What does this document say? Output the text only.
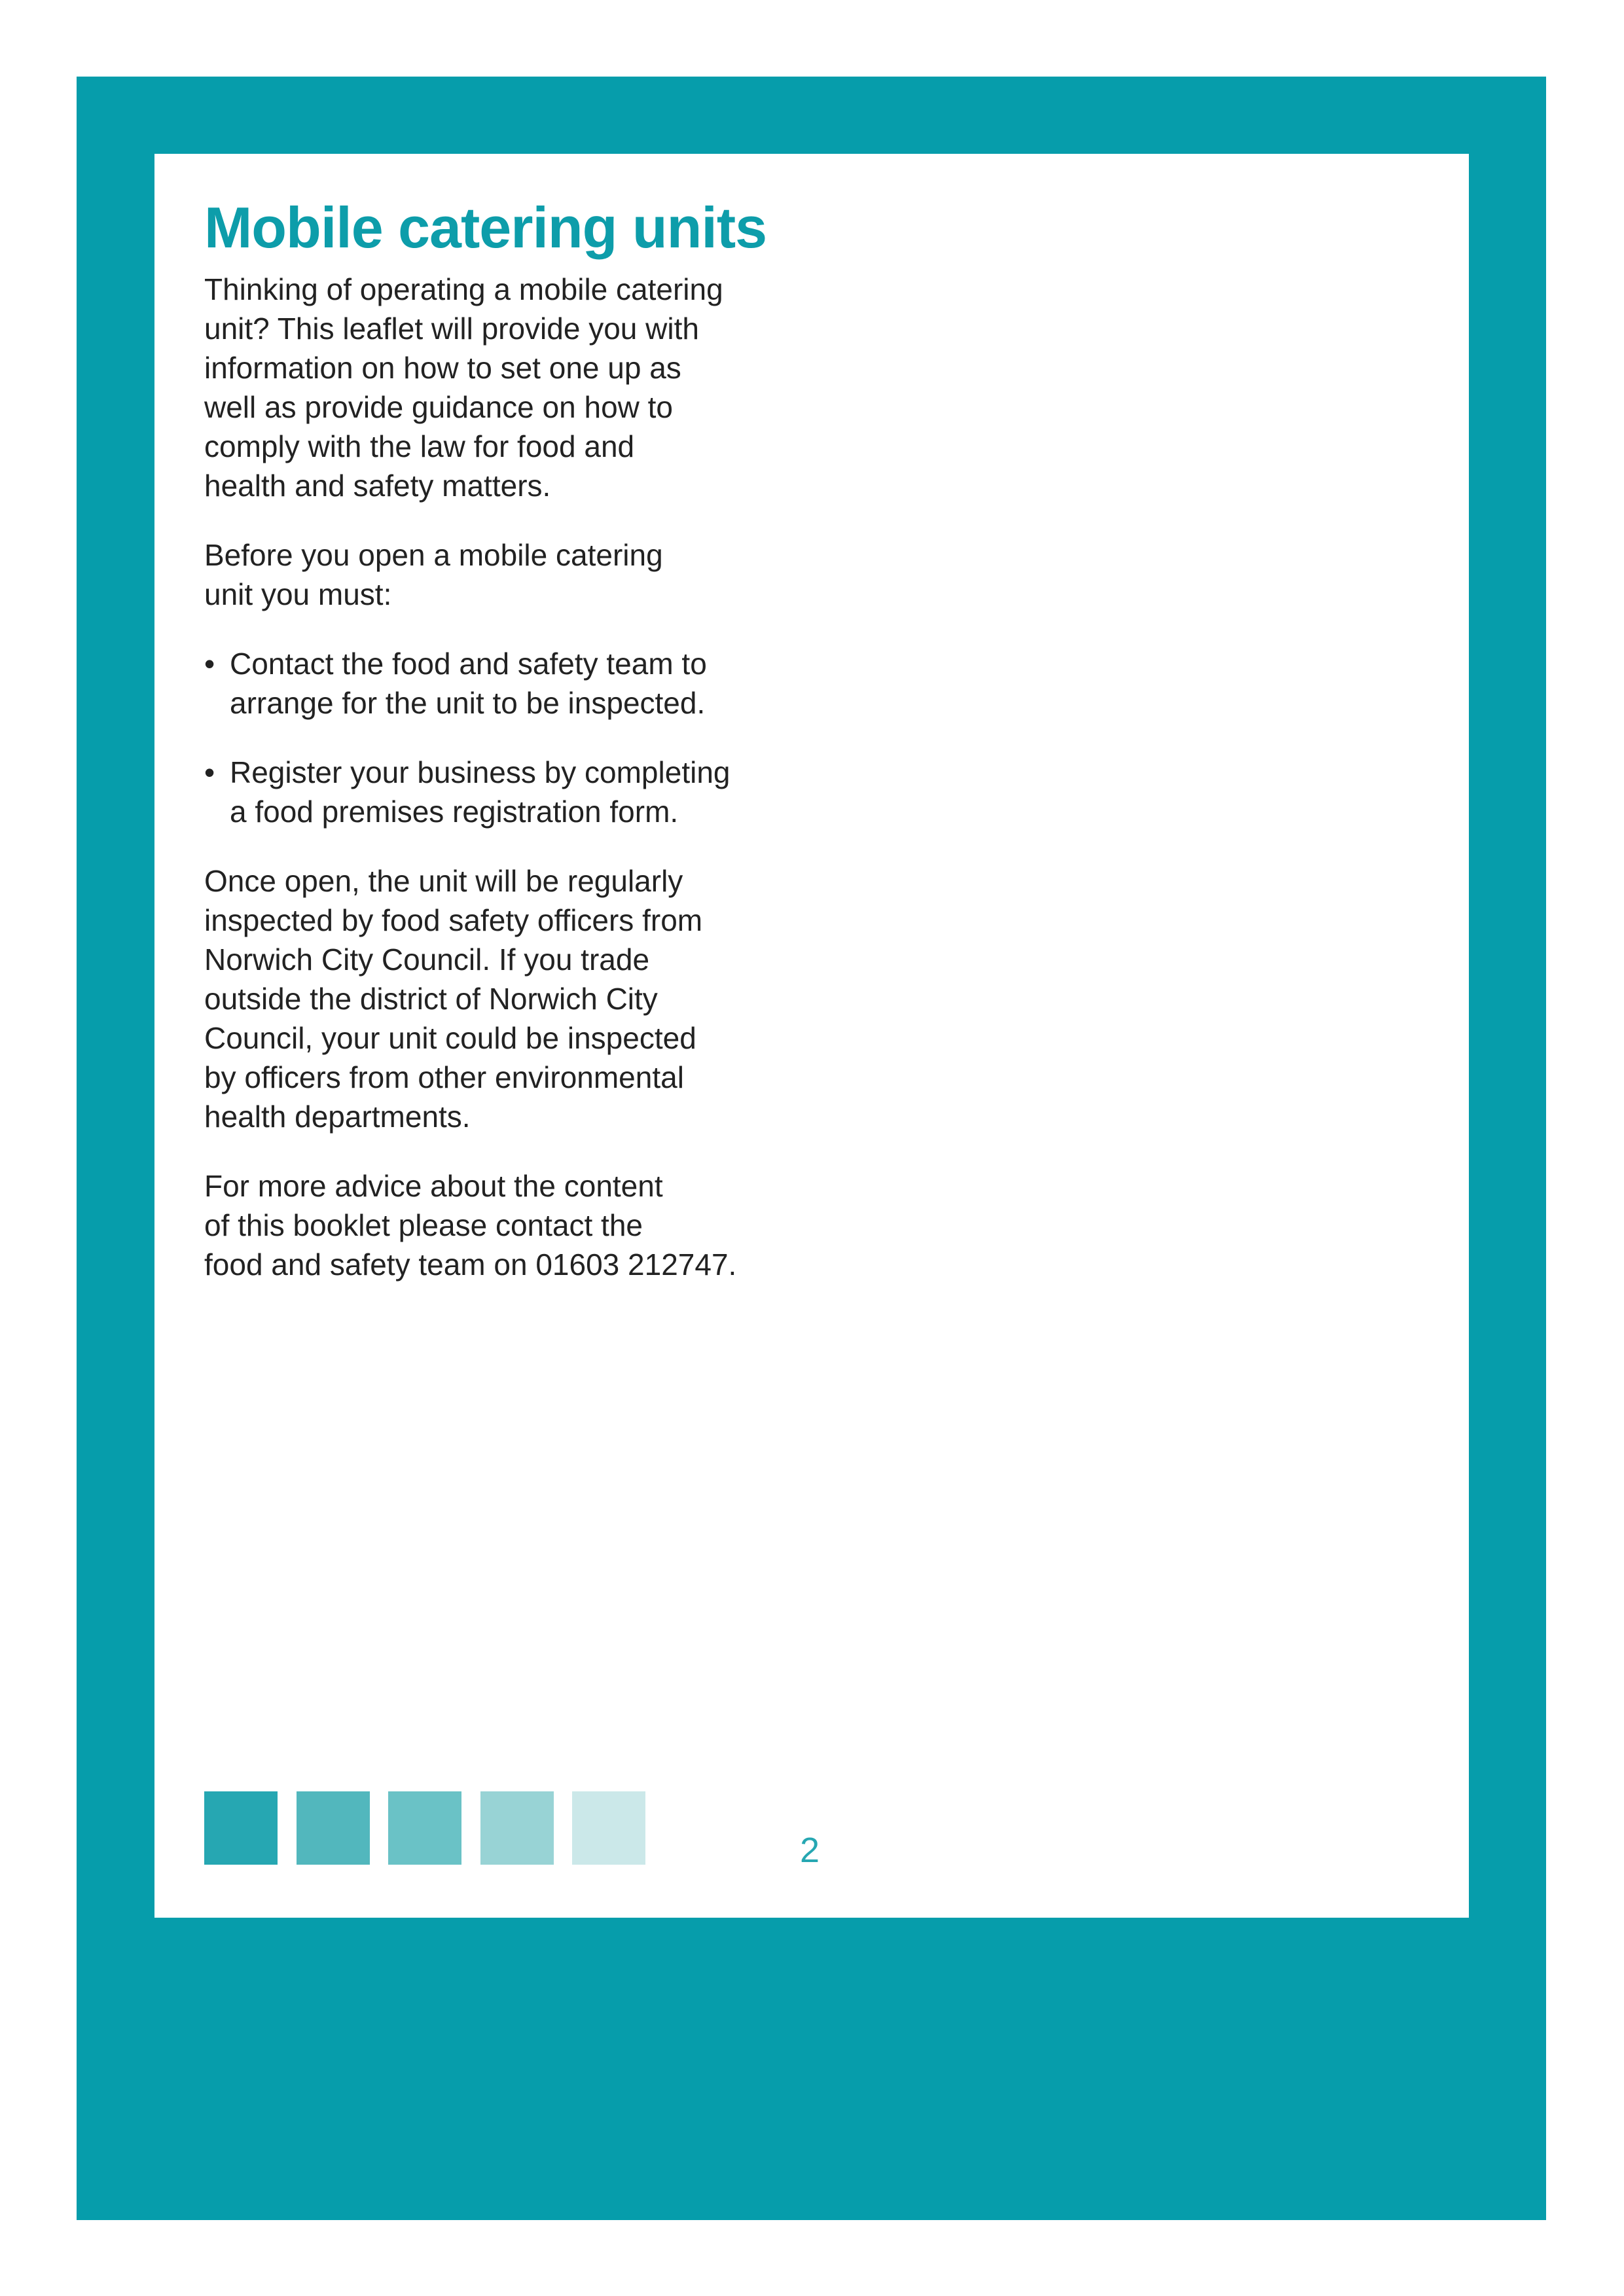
Mobile catering units

Thinking of operating a mobile catering
unit? This leaflet will provide you with
information on how to set one up as
well as provide guidance on how to
comply with the law for food and
health and safety matters.

Before you open a mobile catering
unit you must:

• Contact the food and safety team to
arrange for the unit to be inspected.
• Register your business by completing
a food premises registration form.

Once open, the unit will be regularly
inspected by food safety officers from
Norwich City Council. If you trade
outside the district of Norwich City
Council, your unit could be inspected
by officers from other environmental
health departments.

For more advice about the content
of this booklet please contact the
food and safety team on 01603 212747.

2
